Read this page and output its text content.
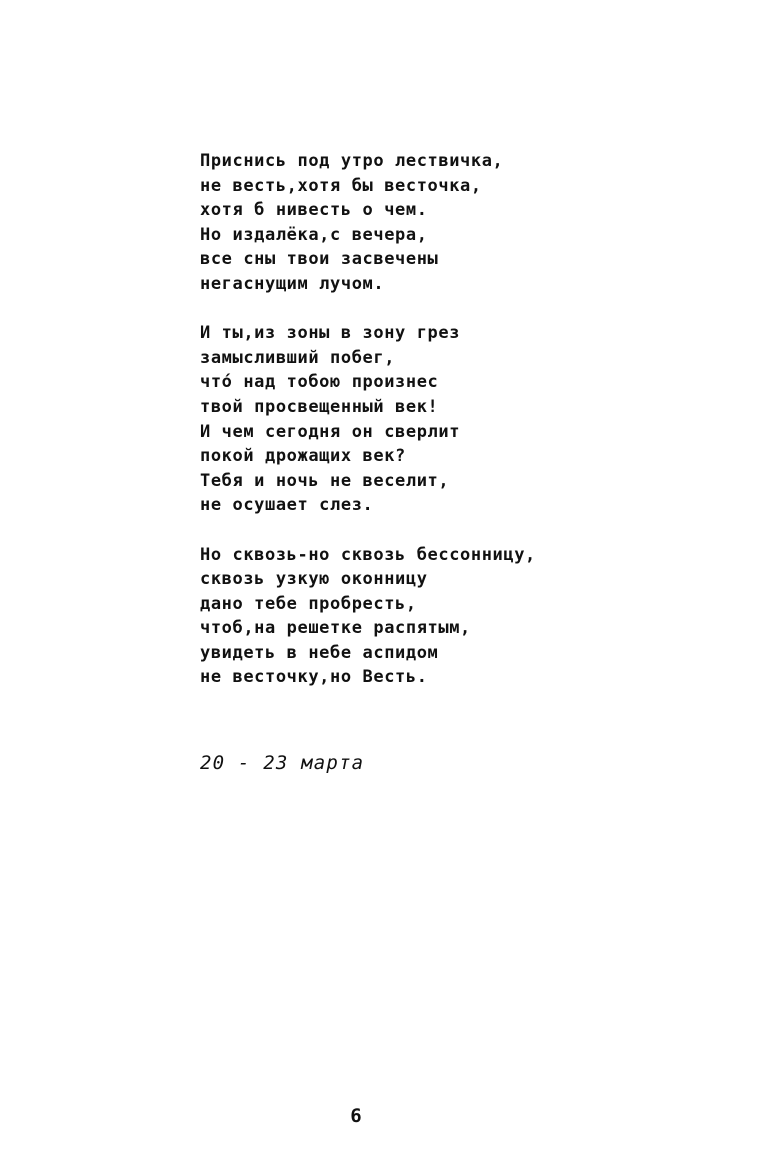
Приснись под утро лествичка,
не весть,хотя бы весточка,
хотя б нивесть о чем.
Но издалёка,с вечера,
все сны твои засвечены
негаснущим лучом.
И ты,из зоны в зону грез
замысливший побег,
что́ над тобою произнес
твой просвещенный век!
И чем сегодня он сверлит
покой дрожащих век?
Тебя и ночь не веселит,
не осушает слез.
Но сквозь-но сквозь бессонницу,
сквозь узкую оконницу
дано тебе пробресть,
чтоб,на решетке распятым,
увидеть в небе аспидом
не весточку,но Весть.
20 - 23 марта
6
